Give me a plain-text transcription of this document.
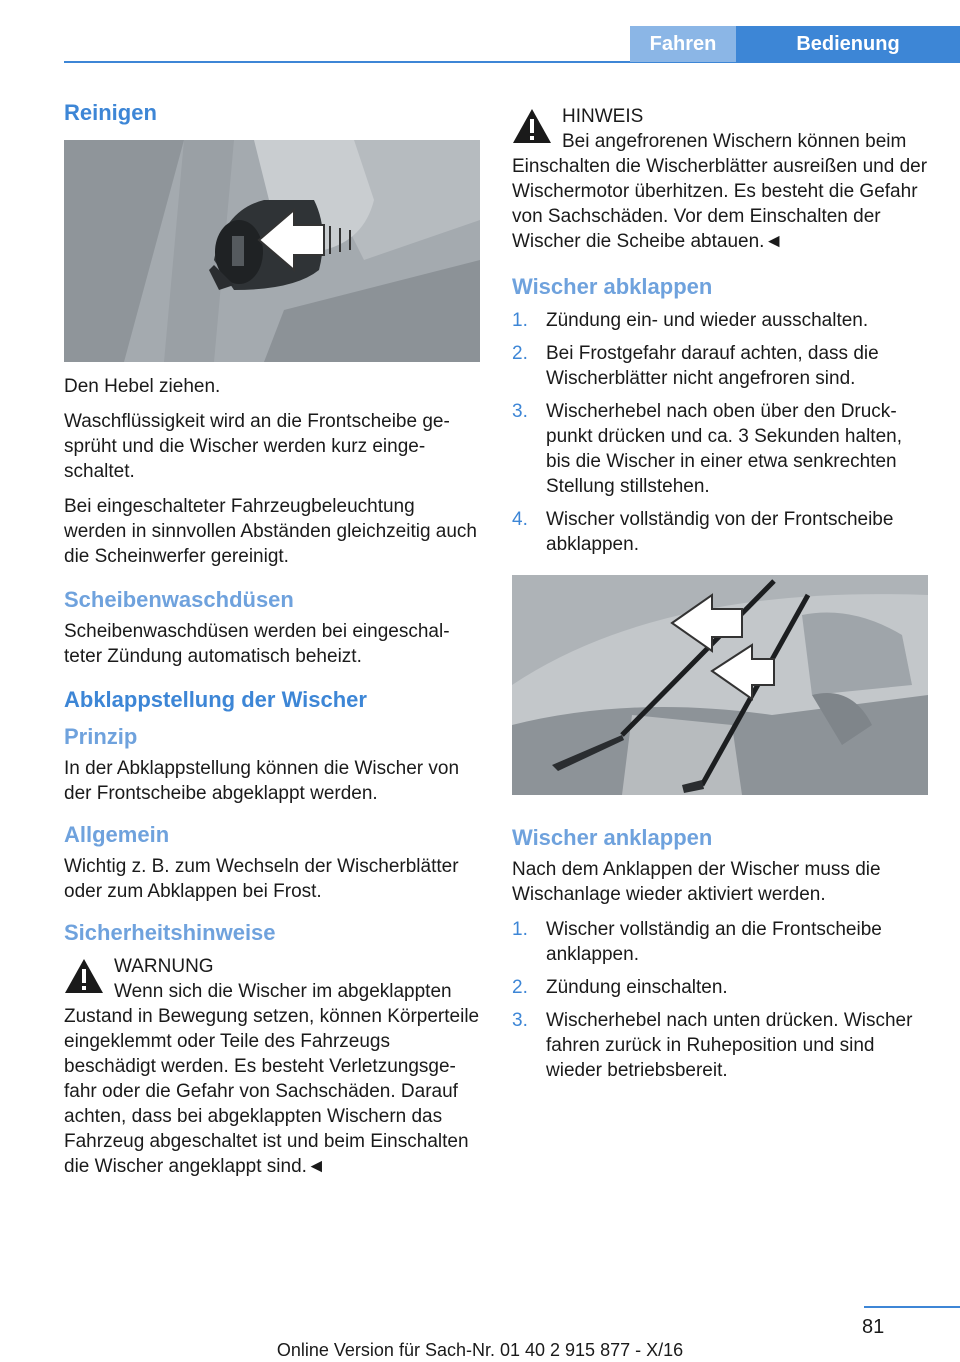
Fahren	Bedienung
Reinigen

Den Hebel ziehen.

Waschflüssigkeit wird an die Frontscheibe gesprüht und die Wischer werden kurz eingeschaltet.

Bei eingeschalteter Fahrzeugbeleuchtung werden in sinnvollen Abständen gleichzeitig auch die Scheinwerfer gereinigt.

Scheibenwaschdüsen

Scheibenwaschdüsen werden bei eingeschalteter Zündung automatisch beheizt.

Abklappstellung der Wischer
Prinzip

In der Abklappstellung können die Wischer von der Frontscheibe abgeklappt werden.

Allgemein

Wichtig z. B. zum Wechseln der Wischerblätter oder zum Abklappen bei Frost.

Sicherheitshinweise
WARNUNG
Wenn sich die Wischer im abgeklappten Zustand in Bewegung setzen, können Körperteile eingeklemmt oder Teile des Fahrzeugs beschädigt werden. Es besteht Verletzungsgefahr oder die Gefahr von Sachschäden. Darauf achten, dass bei abgeklappten Wischern das Fahrzeug abgeschaltet ist und beim Einschalten die Wischer angeklappt sind.◄
HINWEIS
Bei angefrorenen Wischern können beim Einschalten die Wischerblätter ausreißen und der Wischermotor überhitzen. Es besteht die Gefahr von Sachschäden. Vor dem Einschalten der Wischer die Scheibe abtauen.◄
Wischer abklappen
1. Zündung ein- und wieder ausschalten.
2. Bei Frostgefahr darauf achten, dass die Wischerblätter nicht angefroren sind.
3. Wischerhebel nach oben über den Druckpunkt drücken und ca. 3 Sekunden halten, bis die Wischer in einer etwa senkrechten Stellung stillstehen.
4. Wischer vollständig von der Frontscheibe abklappen.
Wischer anklappen

Nach dem Anklappen der Wischer muss die Wischanlage wieder aktiviert werden.

1. Wischer vollständig an die Frontscheibe anklappen.
2. Zündung einschalten.
3. Wischerhebel nach unten drücken. Wischer fahren zurück in Ruheposition und sind wieder betriebsbereit.
81
Online Version für Sach-Nr. 01 40 2 915 877 - X/16
